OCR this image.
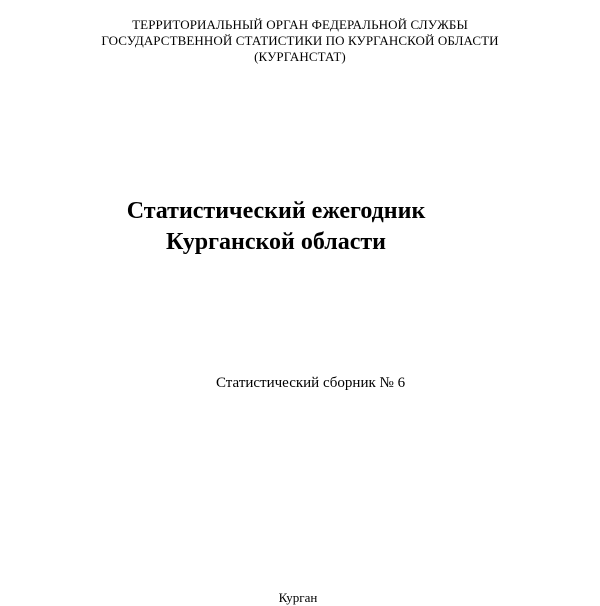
ТЕРРИТОРИАЛЬНЫЙ ОРГАН ФЕДЕРАЛЬНОЙ СЛУЖБЫ
ГОСУДАРСТВЕННОЙ СТАТИСТИКИ ПО КУРГАНСКОЙ ОБЛАСТИ
(КУРГАНСТАТ)
Статистический ежегодник
Курганской области
Статистический сборник № 6
Курган
